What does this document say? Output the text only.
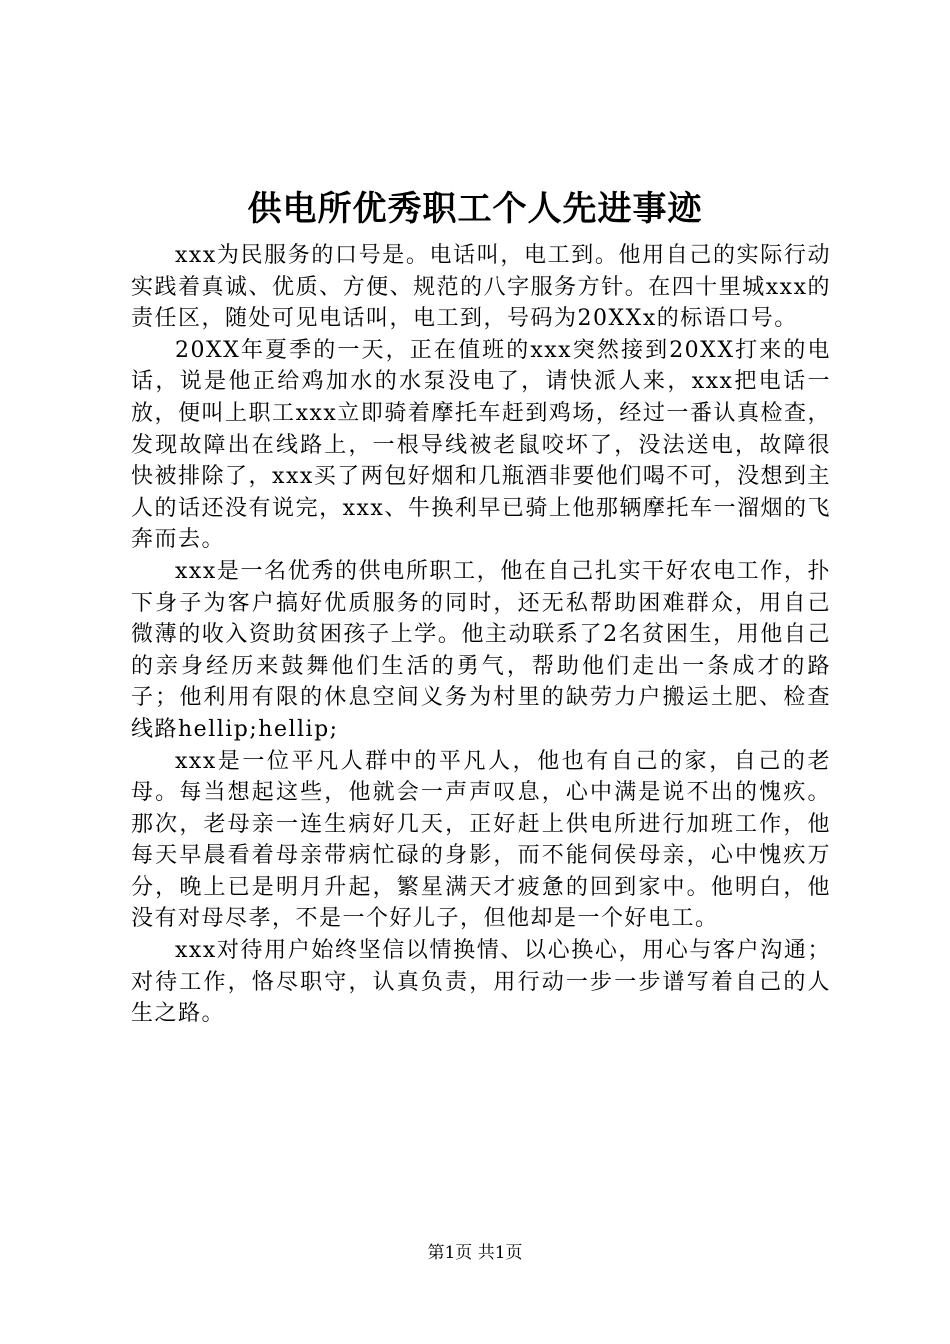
供电所优秀职工个人先进事迹

xxx为民服务的口号是。电话叫，电工到。他用自己的实际行动实践着真诚、优质、方便、规范的八字服务方针。在四十里城xxx的责任区，随处可见电话叫，电工到，号码为20XXx的标语口号。

20XX年夏季的一天，正在值班的xxx突然接到20XX打来的电话，说是他正给鸡加水的水泵没电了，请快派人来，xxx把电话一放，便叫上职工xxx立即骑着摩托车赶到鸡场，经过一番认真检查，发现故障出在线路上，一根导线被老鼠咬坏了，没法送电，故障很快被排除了，xxx买了两包好烟和几瓶酒非要他们喝不可，没想到主人的话还没有说完，xxx、牛换利早已骑上他那辆摩托车一溜烟的飞奔而去。

xxx是一名优秀的供电所职工，他在自己扎实干好农电工作，扑下身子为客户搞好优质服务的同时，还无私帮助困难群众，用自己微薄的收入资助贫困孩子上学。他主动联系了2名贫困生，用他自己的亲身经历来鼓舞他们生活的勇气，帮助他们走出一条成才的路子；他利用有限的休息空间义务为村里的缺劳力户搬运土肥、检查线路hellip;hellip;

xxx是一位平凡人群中的平凡人，他也有自己的家，自己的老母。每当想起这些，他就会一声声叹息，心中满是说不出的愧疚。那次，老母亲一连生病好几天，正好赶上供电所进行加班工作，他每天早晨看着母亲带病忙碌的身影，而不能伺侯母亲，心中愧疚万分，晚上已是明月升起，繁星满天才疲惫的回到家中。他明白，他没有对母尽孝，不是一个好儿子，但他却是一个好电工。

xxx对待用户始终坚信以情换情、以心换心，用心与客户沟通；对待工作，恪尽职守，认真负责，用行动一步一步谱写着自己的人生之路。

第1页 共1页
